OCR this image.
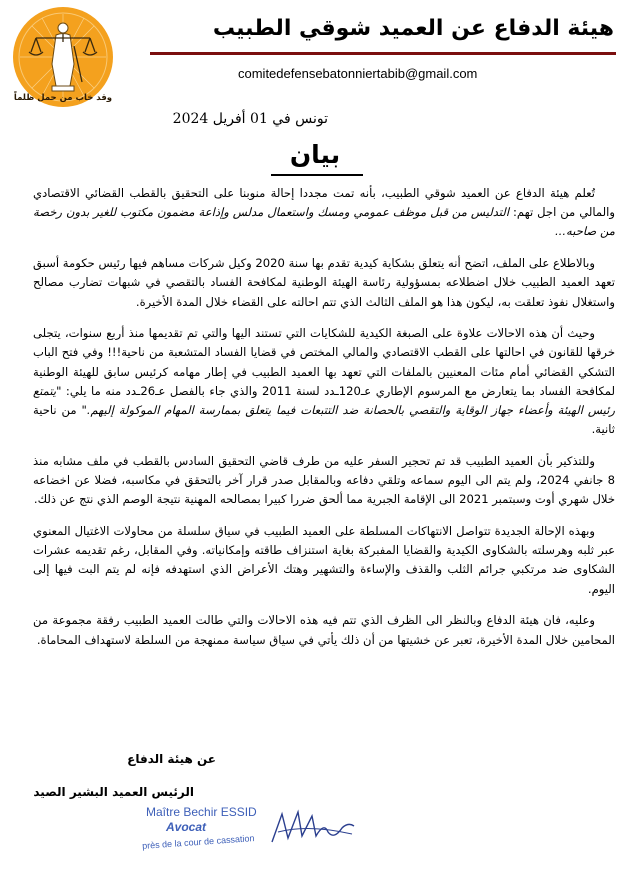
وقد خاب من حمل ظلماً
هيئة الدفاع عن العميد شوقي الطبيب
comitedefensebatonniertabib@gmail.com
تونس في 01 أفريل 2024
بيان

تُعلم هيئة الدفاع عن العميد شوقي الطبيب، بأنه تمت مجددا إحالة منوبنا على التحقيق بالقطب القضائي الاقتصادي والمالي من اجل تهم: التدليس من قبل موظف عمومي ومسك واستعمال مدلس وإذاعة مضمون مكتوب للغير بدون رخصة من صاحبه...

وبالاطلاع على الملف، اتضح أنه يتعلق بشكاية كيدية تقدم بها سنة 2020 وكيل شركات مساهم فيها رئيس حكومة أسبق تعهد العميد الطبيب خلال اضطلاعه بمسؤولية رئاسة الهيئة الوطنية لمكافحة الفساد بالتقصي في شبهات تضارب مصالح واستغلال نفوذ تعلقت به، ليكون هذا هو الملف الثالث الذي تتم احالته على القضاء خلال المدة الأخيرة.

وحيث أن هذه الاحالات علاوة على الصبغة الكيدية للشكايات التي تستند اليها والتي تم تقديمها منذ أربع سنوات، يتجلى خرقها للقانون في احالتها على القطب الاقتصادي والمالي المختص في قضايا الفساد المتشعبة من ناحية!!! وفي فتح الباب التشكي القضائي أمام مئات المعنيين بالملفات التي تعهد بها العميد الطبيب في إطار مهامه كرئيس سابق للهيئة الوطنية لمكافحة الفساد بما يتعارض مع المرسوم الإطاري عـ120ـدد لسنة 2011 والذي جاء بالفصل عـ26ـدد منه ما يلي: "يتمتع رئيس الهيئة وأعضاء جهاز الوقاية والتقصي بالحصانة ضد التتبعات فيما يتعلق بممارسة المهام الموكولة إليهم." من ناحية ثانية.

وللتذكير بأن العميد الطبيب قد تم تحجير السفر عليه من طرف قاضي التحقيق السادس بالقطب في ملف مشابه منذ 8 جانفي 2024، ولم يتم الى اليوم سماعه وتلقي دفاعه وبالمقابل صدر قرار آخر بالتحقق في مكاسبه، فضلا عن اخضاعه خلال شهري أوت وسبتمبر 2021 الى الإقامة الجبرية مما ألحق ضررا كبيرا بمصالحه المهنية نتيجة الوصم الذي نتج عن ذلك.

وبهذه الإحالة الجديدة تتواصل الانتهاكات المسلطة على العميد الطبيب في سياق سلسلة من محاولات الاغتيال المعنوي عبر ثلبه وهرسلته بالشكاوى الكيدية والقضايا المفبركة بغاية استنزاف طاقته وإمكانياته. وفي المقابل، رغم تقديمه عشرات الشكاوى ضد مرتكبي جرائم الثلب والقذف والإساءة والتشهير وهتك الأعراض الذي استهدفه فإنه لم يتم البت فيها إلى اليوم.

وعليه، فان هيئة الدفاع وبالنظر الى الظرف الذي تتم فيه هذه الاحالات والتي طالت العميد الطبيب رفقة مجموعة من المحامين خلال المدة الأخيرة، تعبر عن خشيتها من أن ذلك يأتي في سياق سياسة ممنهجة من السلطة لاستهداف المحاماة.

عن هيئة الدفاع
الرئيس العميد البشير الصيد
Maître Bechir ESSID
Avocat
près de la cour de cassation
